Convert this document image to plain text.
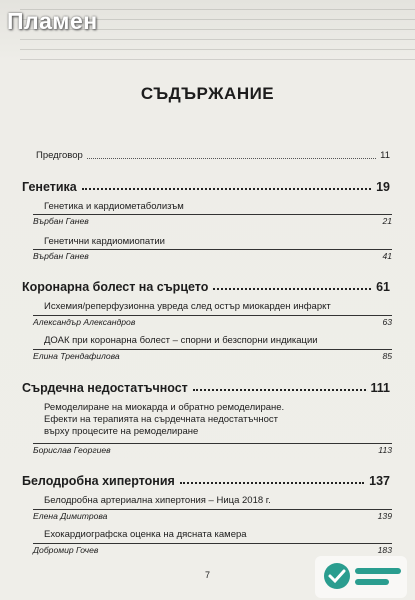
Пламен
СЪДЪРЖАНИЕ
Предговор	11
Генетика	19
Генетика и кардиометаболизъм
Върбан Ганев	21
Генетични кардиомиопатии
Върбан Ганев	41
Коронарна болест на сърцето	61
Исхемия/реперфузионна увреда след остър миокарден инфаркт
Александър Александров	63
ДОАК при коронарна болест – спорни и безспорни индикации
Елина Трендафилова	85
Сърдечна недостатъчност	111
Ремоделиране на миокарда и обратно ремоделиране.
Ефекти на терапията на сърдечната недостатъчност
върху процесите на ремоделиране
Борислав Георгиев	113
Белодробна хипертония	137
Белодробна артериална хипертония – Ница 2018 г.
Елена Димитрова	139
Ехокардиографска оценка на дясната камера
Добромир Гочев	183
7
